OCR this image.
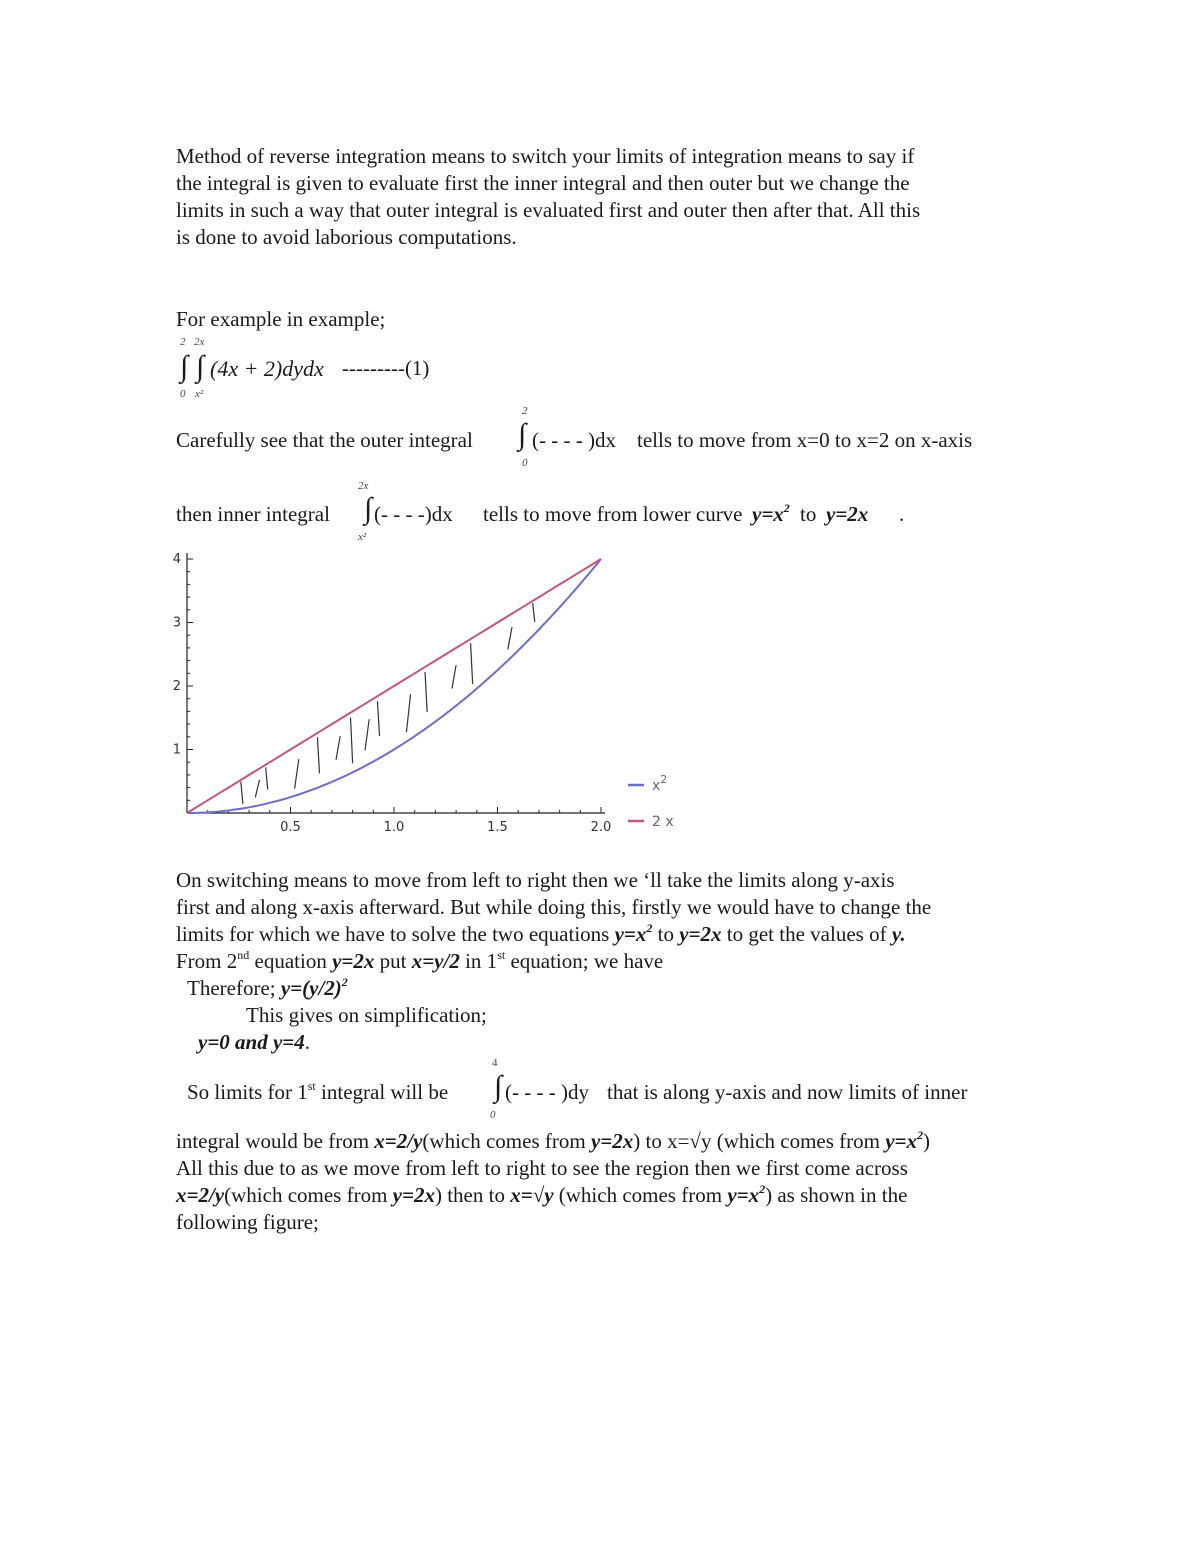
Method of reverse integration means to switch your limits of integration means to say if
the integral is given to evaluate first the inner integral and then outer but we change the
limits in such a way that outer integral is evaluated first and outer then after that. All this
is done to avoid laborious computations.
For example in example;
2 2x
∫ ∫
0 x²
(4x + 2)dydx ---------(1)
Carefully see that the outer integral
2
∫
0
(- - - - )dx tells to move from x=0 to x=2 on x-axis
then inner integral
2x
∫
x²
(- - - -)dx tells to move from lower curve $y=x^2$ to y=2x .
0.5	1.0	1.5	2.0
1
2
3
4
$x^2$
2 x
On switching means to move from left to right then we ‘ll take the limits along y-axis
first and along x-axis afterward. But while doing this, firstly we would have to change the
limits for which we have to solve the two equations $y=x^2$ to y=2x to get the values of y.
From 2nd equation y=2x put x=y/2 in 1st equation; we have
Therefore; $y=(y/2)^2$
This gives on simplification;
y=0 and y=4.
So limits for 1st integral will be
4
∫
0
(- - - - )dy that is along y-axis and now limits of inner
integral would be from x=2/y(which comes from y=2x) to x=√y (which comes from $y=x^2$)
All this due to as we move from left to right to see the region then we first come across
x=2/y(which comes from y=2x) then to x=√y (which comes from $y=x^2$) as shown in the
following figure;
